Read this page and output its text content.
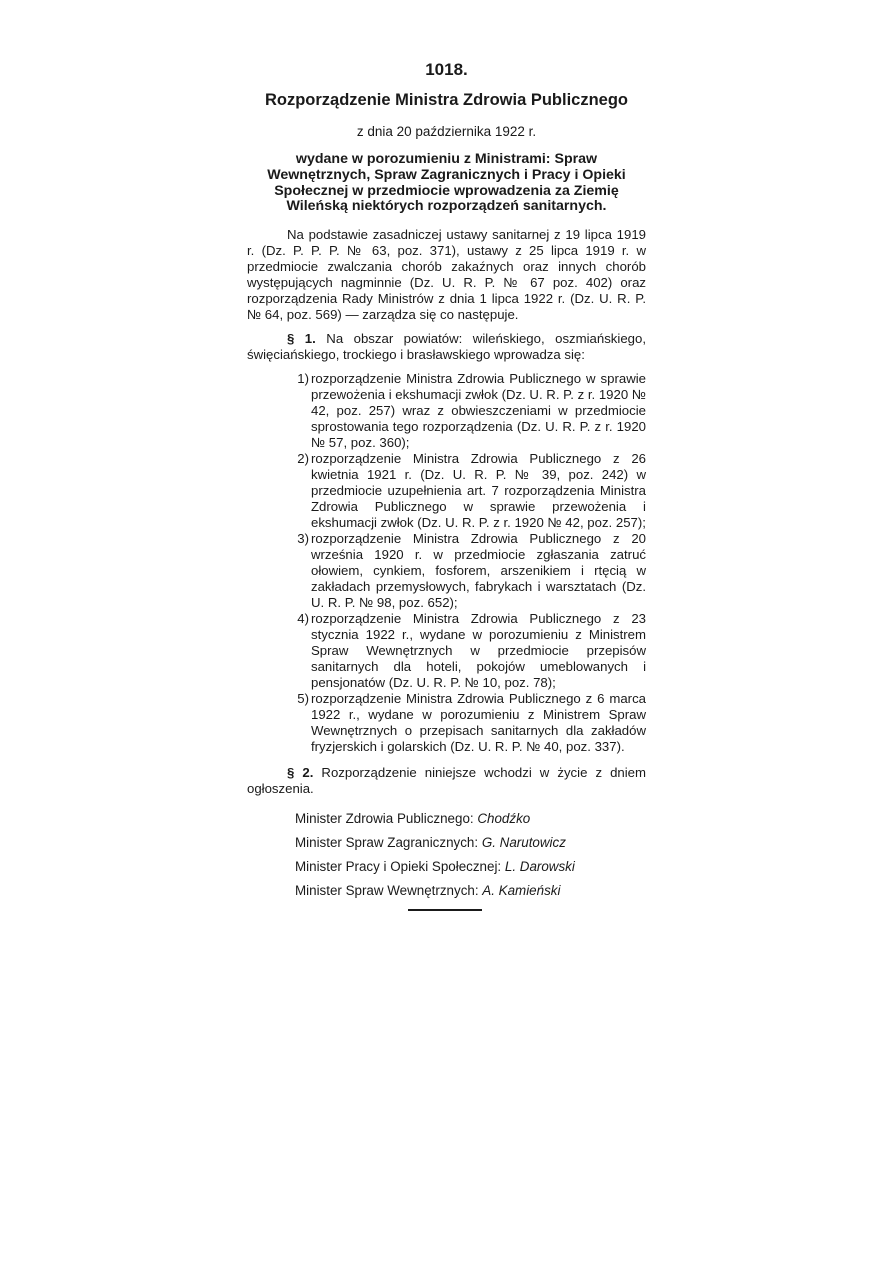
1018.
Rozporządzenie Ministra Zdrowia Publicznego
z dnia 20 października 1922 r.
wydane w porozumieniu z Ministrami: Spraw Wewnętrznych, Spraw Zagranicznych i Pracy i Opieki Społecznej w przedmiocie wprowadzenia za Ziemię Wileńską niektórych rozporządzeń sanitarnych.

Na podstawie zasadniczej ustawy sanitarnej z 19 lipca 1919 r. (Dz. P. P. P. № 63, poz. 371), ustawy z 25 lipca 1919 r. w przedmiocie zwalczania chorób zakaźnych oraz innych chorób występujących nagminnie (Dz. U. R. P. № 67 poz. 402) oraz rozporządzenia Rady Ministrów z dnia 1 lipca 1922 r. (Dz. U. R. P. № 64, poz. 569) — zarządza się co następuje.

§ 1. Na obszar powiatów: wileńskiego, oszmiańskiego, święciańskiego, trockiego i brasławskiego wprowadza się:

1) rozporządzenie Ministra Zdrowia Publicznego w sprawie przewożenia i ekshumacji zwłok (Dz. U. R. P. z r. 1920 № 42, poz. 257) wraz z obwieszczeniami w przedmiocie sprostowania tego rozporządzenia (Dz. U. R. P. z r. 1920 № 57, poz. 360);
2) rozporządzenie Ministra Zdrowia Publicznego z 26 kwietnia 1921 r. (Dz. U. R. P. № 39, poz. 242) w przedmiocie uzupełnienia art. 7 rozporządzenia Ministra Zdrowia Publicznego w sprawie przewożenia i ekshumacji zwłok (Dz. U. R. P. z r. 1920 № 42, poz. 257);
3) rozporządzenie Ministra Zdrowia Publicznego z 20 września 1920 r. w przedmiocie zgłaszania zatruć ołowiem, cynkiem, fosforem, arszenikiem i rtęcią w zakładach przemysłowych, fabrykach i warsztatach (Dz. U. R. P. № 98, poz. 652);
4) rozporządzenie Ministra Zdrowia Publicznego z 23 stycznia 1922 r., wydane w porozumieniu z Ministrem Spraw Wewnętrznych w przedmiocie przepisów sanitarnych dla hoteli, pokojów umeblowanych i pensjonatów (Dz. U. R. P. № 10, poz. 78);
5) rozporządzenie Ministra Zdrowia Publicznego z 6 marca 1922 r., wydane w porozumieniu z Ministrem Spraw Wewnętrznych o przepisach sanitarnych dla zakładów fryzjerskich i golarskich (Dz. U. R. P. № 40, poz. 337).

§ 2. Rozporządzenie niniejsze wchodzi w życie z dniem ogłoszenia.

Minister Zdrowia Publicznego: Chodźko
Minister Spraw Zagranicznych: G. Narutowicz
Minister Pracy i Opieki Społecznej: L. Darowski
Minister Spraw Wewnętrznych: A. Kamieński
